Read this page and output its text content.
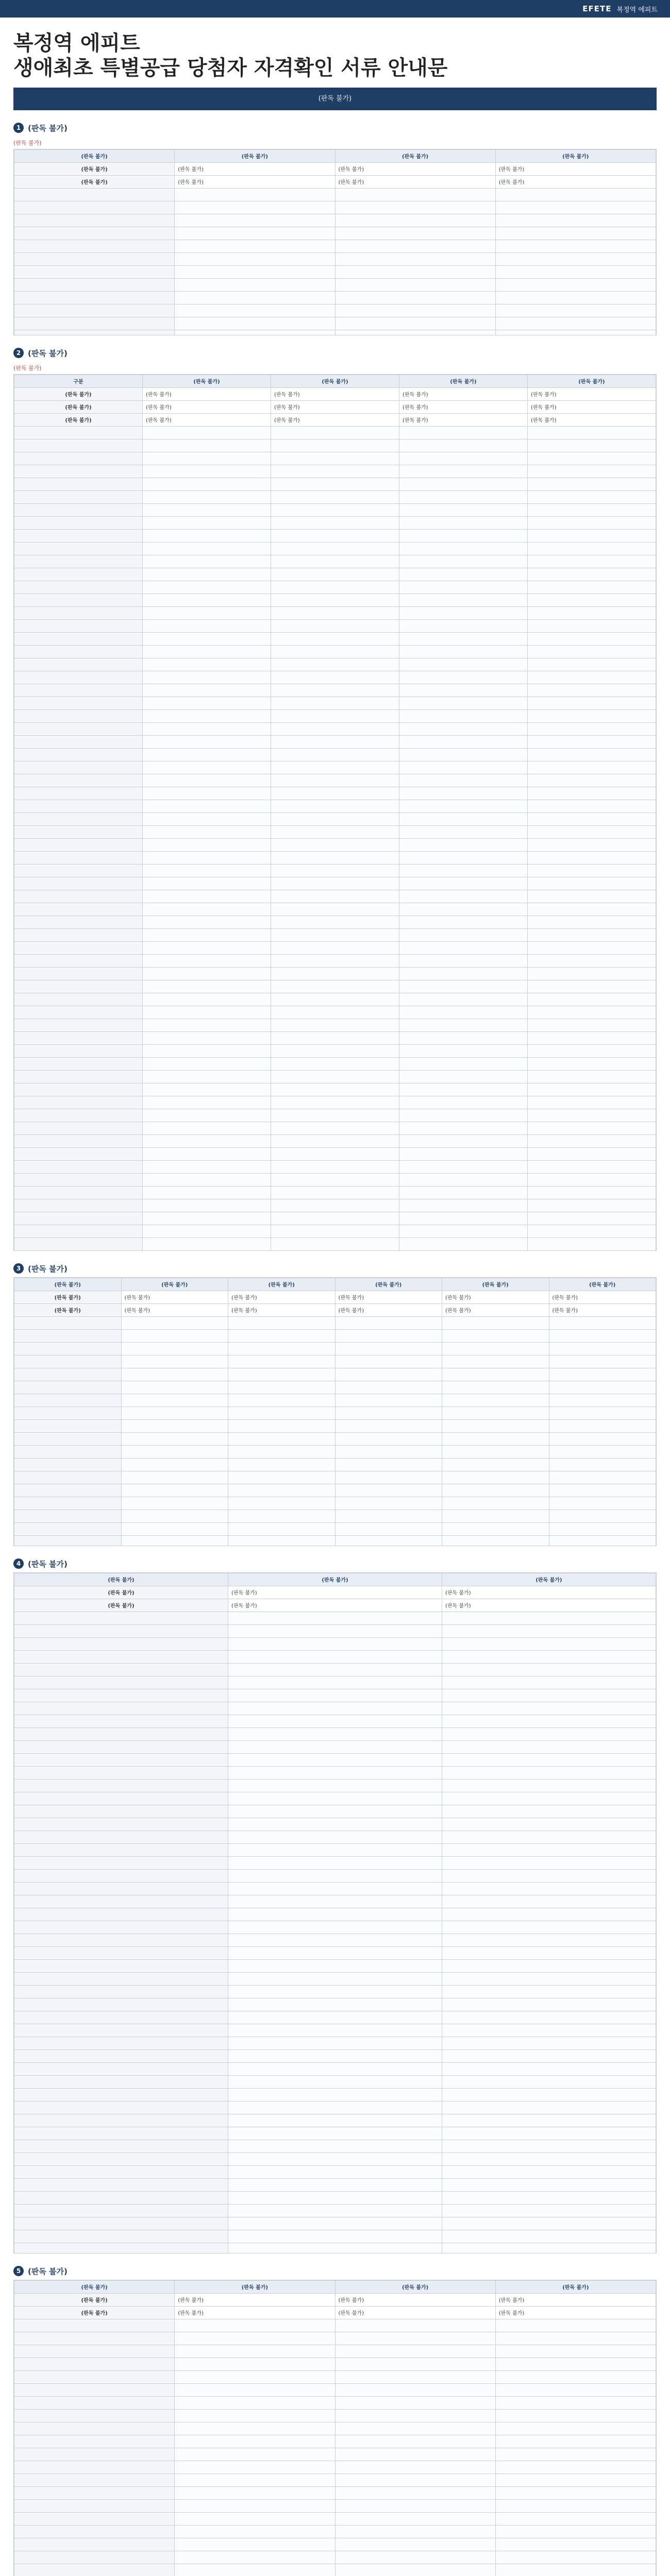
EFETE 복정역 에피트
복정역 에피트
생애최초 특별공급 당첨자 자격확인 서류 안내문
(판독 불가)
1 (판독 불가)
(판독 불가)
(판독 불가)	(판독 불가)	(판독 불가)	(판독 불가)
(판독 불가)	(판독 불가)	(판독 불가)	(판독 불가)
(판독 불가)	(판독 불가)	(판독 불가)	(판독 불가)

2 (판독 불가)
(판독 불가)
구분	(판독 불가)	(판독 불가)	(판독 불가)	(판독 불가)
(판독 불가)	(판독 불가)	(판독 불가)	(판독 불가)	(판독 불가)
(판독 불가)	(판독 불가)	(판독 불가)	(판독 불가)	(판독 불가)
(판독 불가)	(판독 불가)	(판독 불가)	(판독 불가)	(판독 불가)

3 (판독 불가)
(판독 불가)	(판독 불가)	(판독 불가)	(판독 불가)	(판독 불가)	(판독 불가)
(판독 불가)	(판독 불가)	(판독 불가)	(판독 불가)	(판독 불가)	(판독 불가)
(판독 불가)	(판독 불가)	(판독 불가)	(판독 불가)	(판독 불가)	(판독 불가)

4 (판독 불가)
(판독 불가)	(판독 불가)	(판독 불가)
(판독 불가)	(판독 불가)	(판독 불가)
(판독 불가)	(판독 불가)	(판독 불가)

5 (판독 불가)
(판독 불가)	(판독 불가)	(판독 불가)	(판독 불가)
(판독 불가)	(판독 불가)	(판독 불가)	(판독 불가)
(판독 불가)	(판독 불가)	(판독 불가)	(판독 불가)
